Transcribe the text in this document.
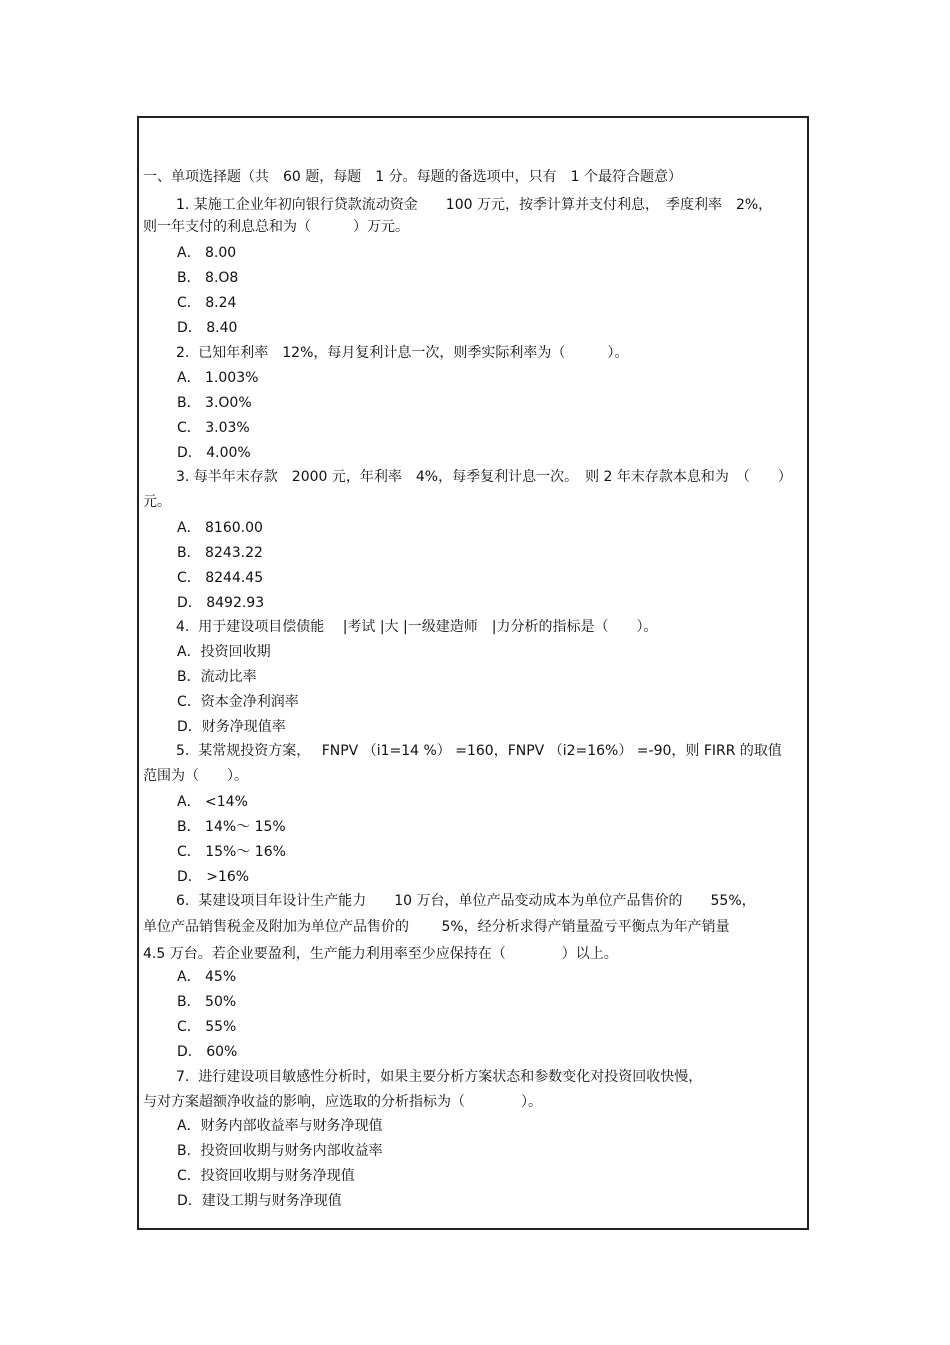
一、单项选择题（共　60 题，每题　1 分。每题的备选项中，只有　1 个最符合题意）
1. 某施工企业年初向银行贷款流动资金　　100 万元，按季计算并支付利息，　季度利率　2%，
则一年支付的利息总和为（　　　）万元。
A． 8.00
B． 8.O8
C． 8.24
D． 8.40
2.  已知年利率　12%，每月复利计息一次，则季实际利率为（　　　）。
A． 1.003%
B． 3.O0%
C． 3.03%
D． 4.00%
3. 每半年末存款　2000 元，年利率　4%，每季复利计息一次。　则 2 年末存款本息和为　（　　）
元。
A． 8160.00
B． 8243.22
C． 8244.45
D． 8492.93
4.  用于建设项目偿债能　 |考试 |大 |一级建造师　|力分析的指标是（　　）。
A．投资回收期
B．流动比率
C．资本金净利润率
D．财务净现值率
5.  某常规投资方案，　 FNPV （i1=14 %） =160，FNPV （i2=16%） =-90，则 FIRR 的取值
范围为（　　）。
A． <14%
B． 14%～ 15%
C． 15%～ 16%
D． >16%
6.  某建设项目年设计生产能力　　10 万台，单位产品变动成本为单位产品售价的　　55%，
单位产品销售税金及附加为单位产品售价的　　 5%，经分析求得产销量盈亏平衡点为年产销量
4.5 万台。若企业要盈利，生产能力利用率至少应保持在（　　　　）以上。
A． 45%
B． 50%
C． 55%
D． 60%
7.  进行建设项目敏感性分析时，如果主要分析方案状态和参数变化对投资回收快慢，
与对方案超额净收益的影响，应选取的分析指标为（　　　　）。
A．财务内部收益率与财务净现值
B．投资回收期与财务内部收益率
C．投资回收期与财务净现值
D．建设工期与财务净现值
